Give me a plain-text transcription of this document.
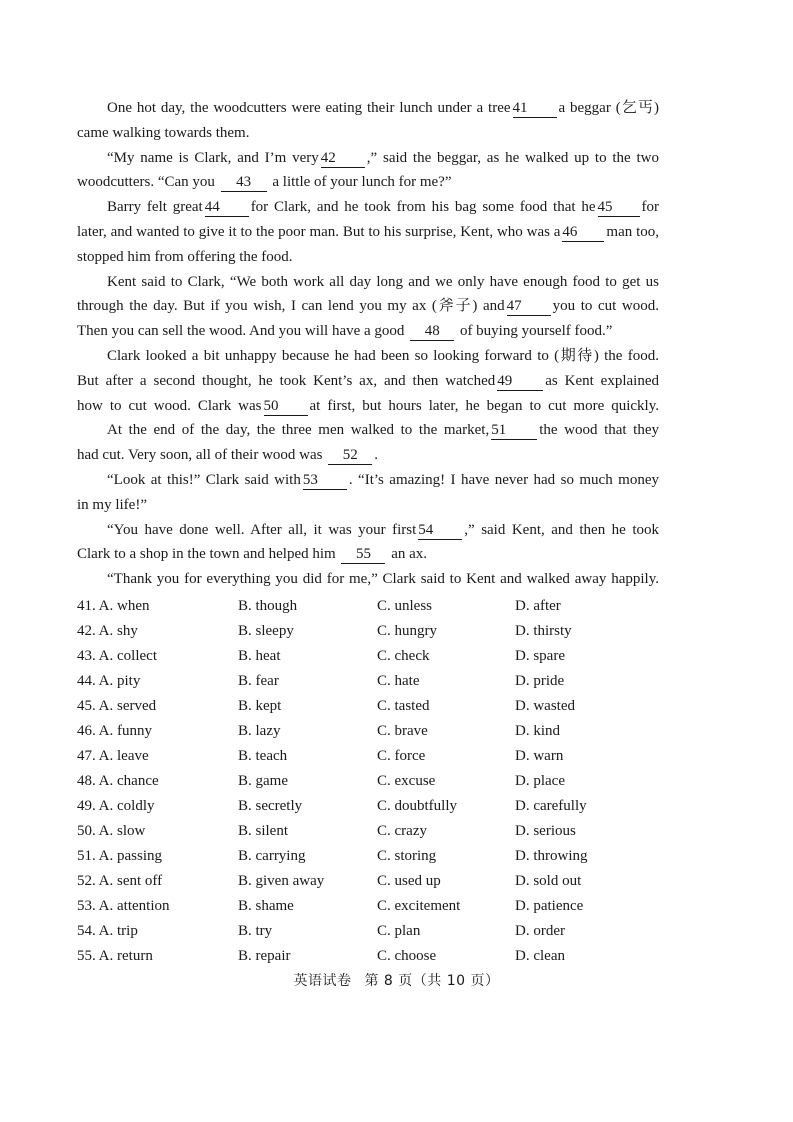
One hot day, the woodcutters were eating their lunch under a tree 41 a beggar (乞丐)
came walking towards them.
“My name is Clark, and I’m very 42 ,” said the beggar, as he walked up to the two
woodcutters. “Can you 43 a little of your lunch for me?”
Barry felt great 44 for Clark, and he took from his bag some food that he 45 for
later, and wanted to give it to the poor man. But to his surprise, Kent, who was a 46 man too,
stopped him from offering the food.
Kent said to Clark, “We both work all day long and we only have enough food to get us
through the day. But if you wish, I can lend you my ax (斧子) and 47 you to cut wood.
Then you can sell the wood. And you will have a good 48 of buying yourself food.”
Clark looked a bit unhappy because he had been so looking forward to (期待) the food.
But after a second thought, he took Kent’s ax, and then watched 49 as Kent explained
how to cut wood. Clark was 50 at first, but hours later, he began to cut more quickly.
At the end of the day, the three men walked to the market, 51 the wood that they
had cut. Very soon, all of their wood was 52 .
“Look at this!” Clark said with 53 . “It’s amazing! I have never had so much money
in my life!”
“You have done well. After all, it was your first 54 ,” said Kent, and then he took
Clark to a shop in the town and helped him 55 an ax.
“Thank you for everything you did for me,” Clark said to Kent and walked away happily.
41. A. when	B. though	C. unless	D. after
42. A. shy	B. sleepy	C. hungry	D. thirsty
43. A. collect	B. heat	C. check	D. spare
44. A. pity	B. fear	C. hate	D. pride
45. A. served	B. kept	C. tasted	D. wasted
46. A. funny	B. lazy	C. brave	D. kind
47. A. leave	B. teach	C. force	D. warn
48. A. chance	B. game	C. excuse	D. place
49. A. coldly	B. secretly	C. doubtfully	D. carefully
50. A. slow	B. silent	C. crazy	D. serious
51. A. passing	B. carrying	C. storing	D. throwing
52. A. sent off	B. given away	C. used up	D. sold out
53. A. attention	B. shame	C. excitement	D. patience
54. A. trip	B. try	C. plan	D. order
55. A. return	B. repair	C. choose	D. clean
英语试卷 第 8 页（共 10 页）
